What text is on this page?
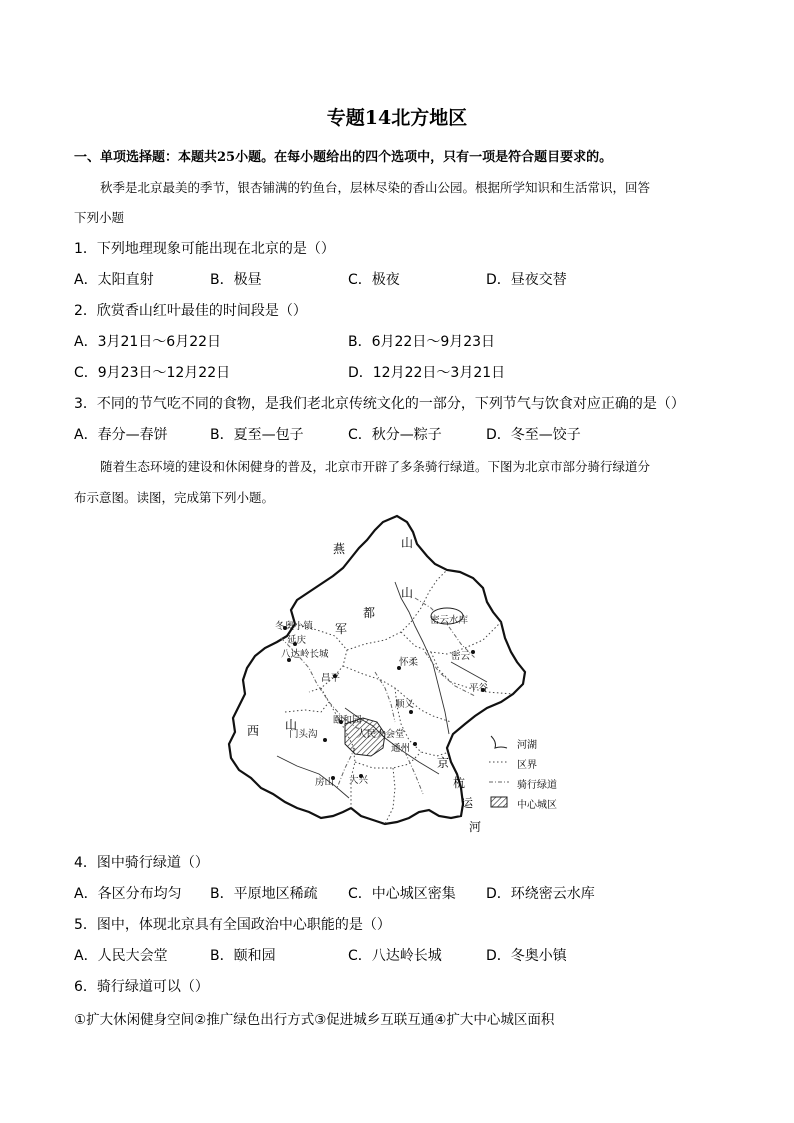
专题14北方地区
一、单项选择题：本题共25小题。在每小题给出的四个选项中，只有一项是符合题目要求的。
秋季是北京最美的季节，银杏铺满的钓鱼台，层林尽染的香山公园。根据所学知识和生活常识，回答
下列小题
1．下列地理现象可能出现在北京的是（）
A．太阳直射	B．极昼	C．极夜	D．昼夜交替
2．欣赏香山红叶最佳的时间段是（）
A．3月21日～6月22日	B．6月22日～9月23日
C．9月23日～12月22日	D．12月22日～3月21日
3．不同的节气吃不同的食物，是我们老北京传统文化的一部分，下列节气与饮食对应正确的是（）
A．春分—春饼	B．夏至—包子	C．秋分—粽子	D．冬至—饺子
随着生态环境的建设和休闲健身的普及，北京市开辟了多条骑行绿道。下图为北京市部分骑行绿道分
布示意图。读图，完成第下列小题。
燕	山
山
都
军
密云水库
冬奥小镇
延庆
八达岭长城
怀柔
密云
平谷
昌平
顺义
西 山	颐和园
门头沟	人民大会堂
通州
房山 大兴
京
杭
运
河
河湖
区界
骑行绿道
中心城区
4．图中骑行绿道（）
A．各区分布均匀 B．平原地区稀疏 C．中心城区密集 D．环绕密云水库
5．图中，体现北京具有全国政治中心职能的是（）
A．人民大会堂	B．颐和园	C．八达岭长城	D．冬奥小镇
6．骑行绿道可以（）
①扩大休闲健身空间②推广绿色出行方式③促进城乡互联互通④扩大中心城区面积
